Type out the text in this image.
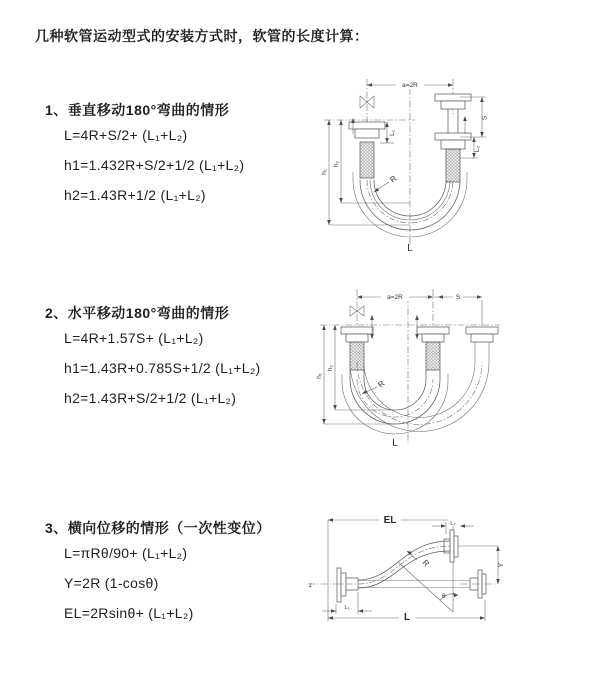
几种软管运动型式的安装方式时，软管的长度计算：
1、垂直移动180°弯曲的情形
L=4R+S/2+ (L₁+L₂)
h1=1.432R+S/2+1/2 (L₁+L₂)
h2=1.43R+1/2 (L₁+L₂)
2、水平移动180°弯曲的情形
L=4R+1.57S+ (L₁+L₂)
h1=1.43R+0.785S+1/2 (L₁+L₂)
h2=1.43R+S/2+1/2 (L₁+L₂)
3、横向位移的情形（一次性变位）
L=πRθ/90+ (L₁+L₂)
Y=2R (1-cosθ)
EL=2Rsinθ+ (L₁+L₂)
a=2R
h₁
h₂
L₁
S
L₂
R
L
a=2R	S
h₁
h₂
R
L
EL	L₂
z
θ
R	Y
L₁
L
